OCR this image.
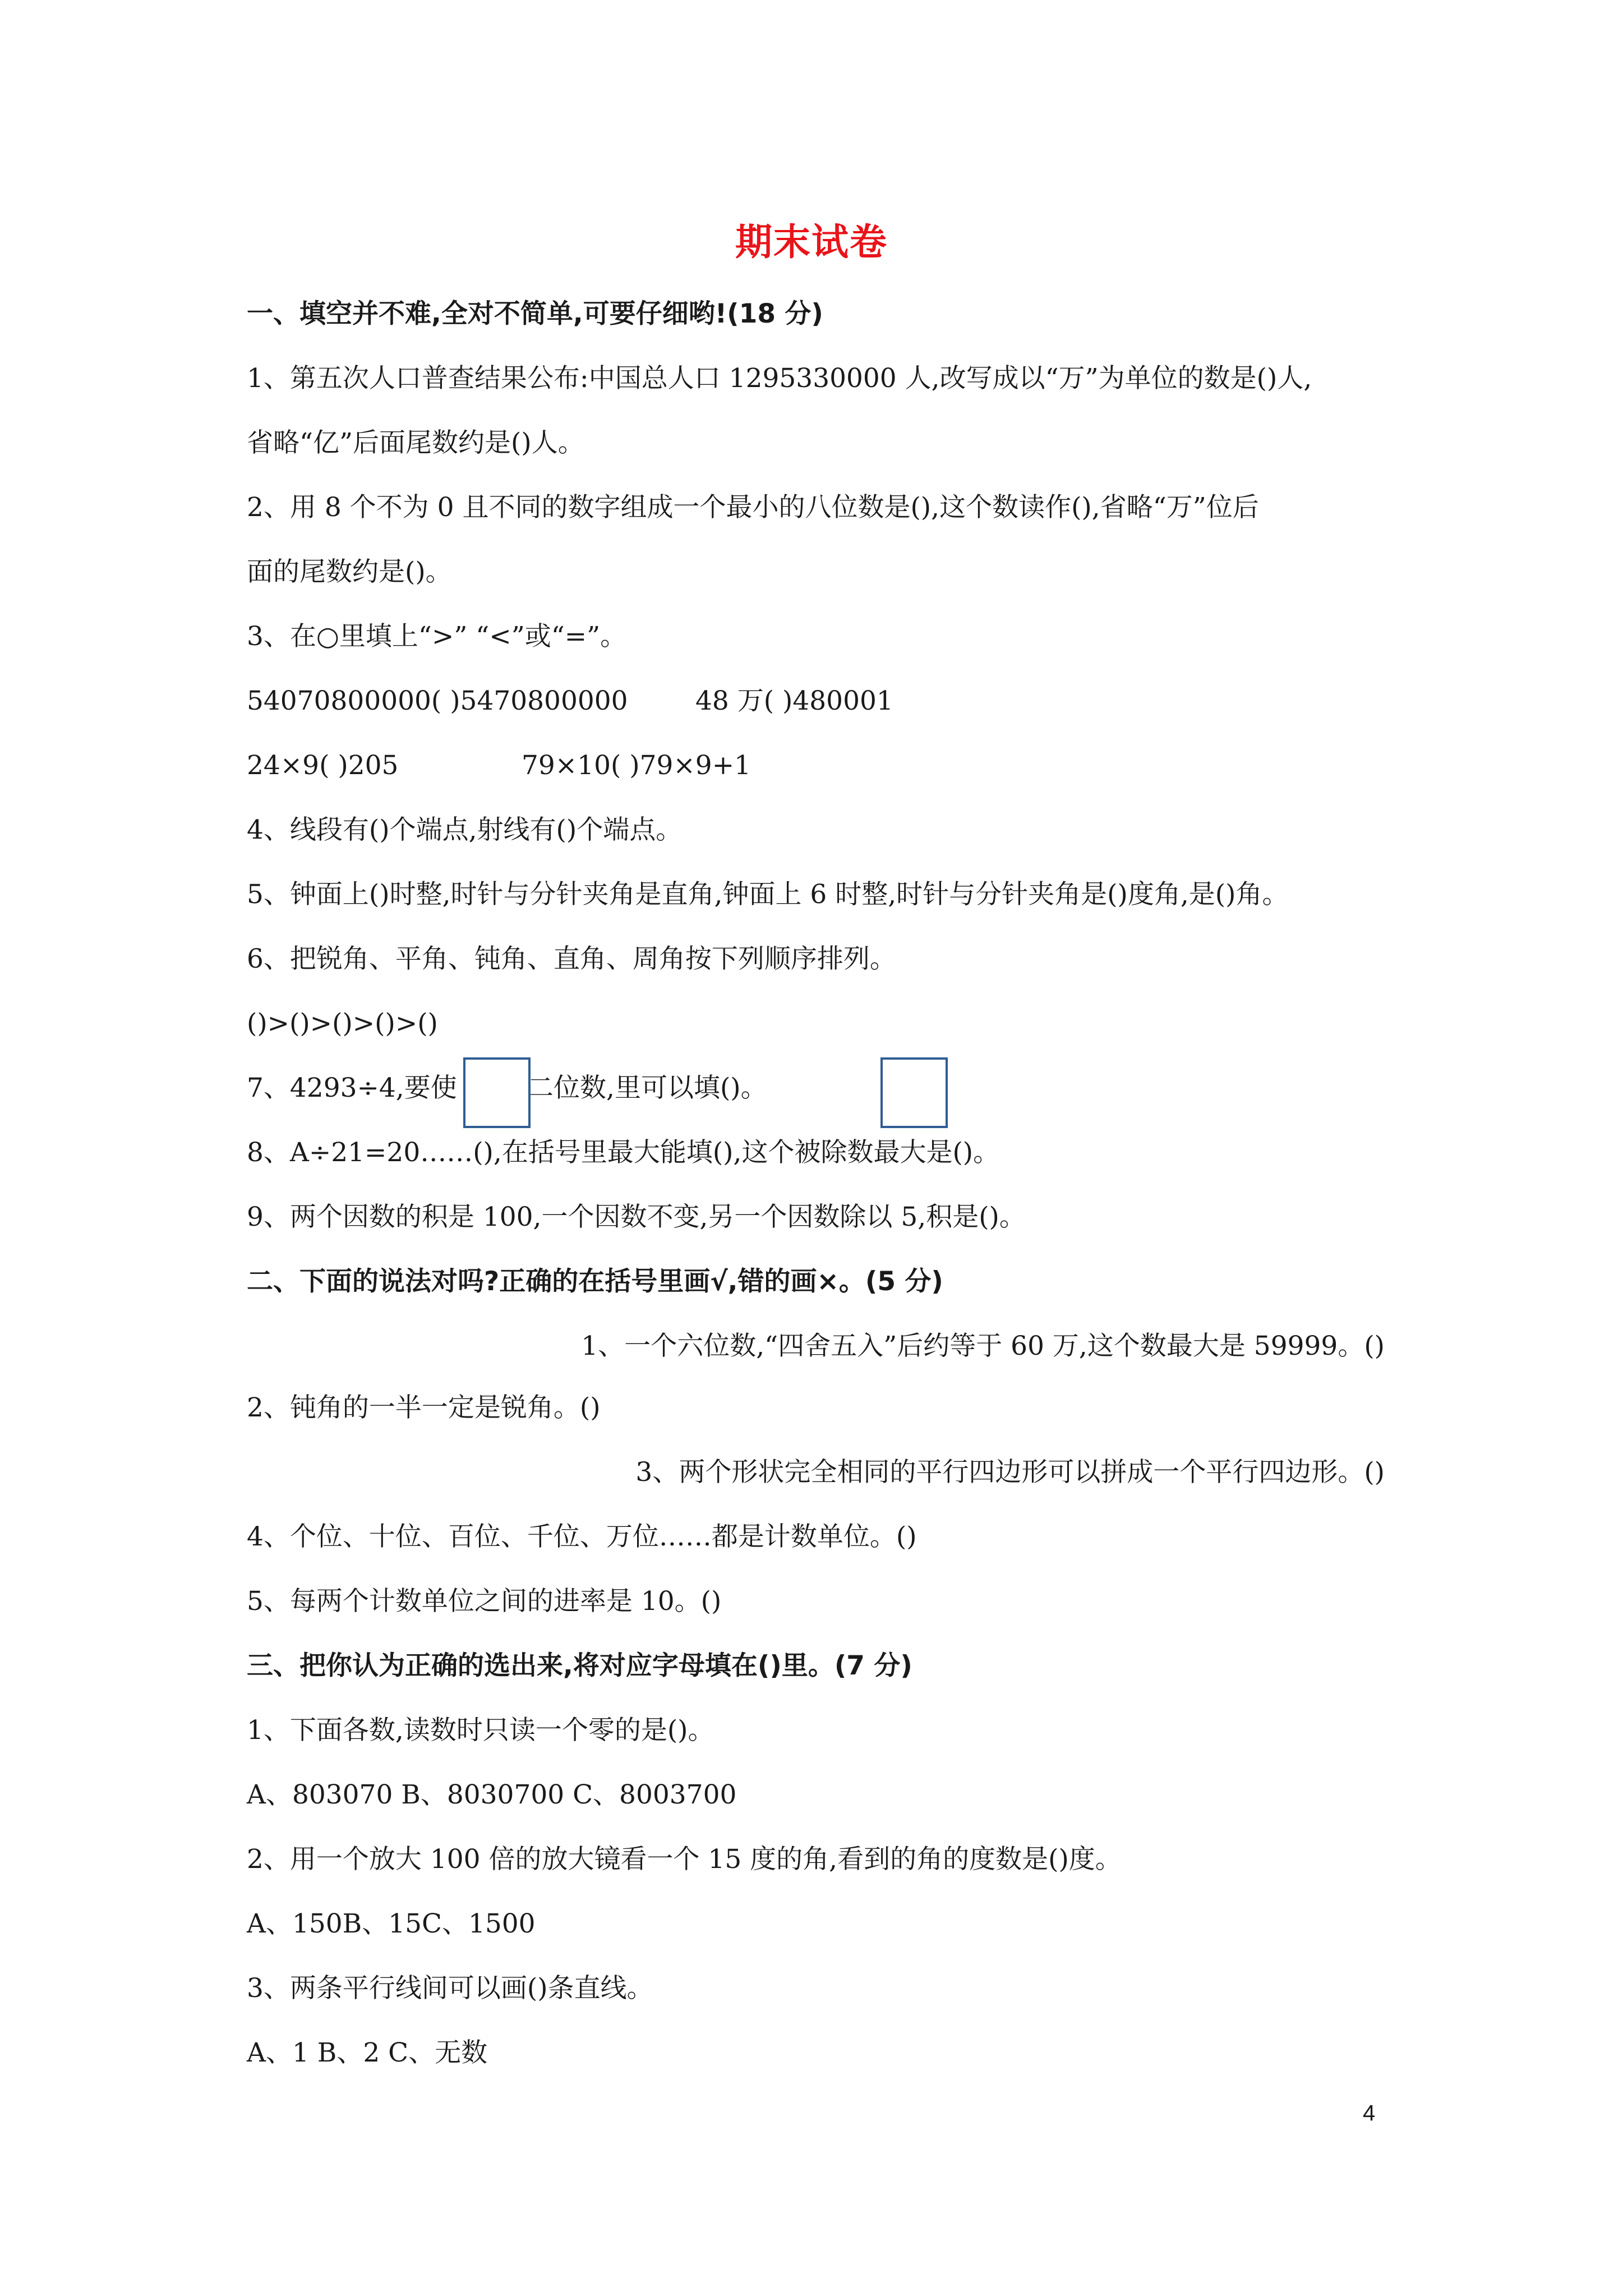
期末试卷
一、填空并不难,全对不简单,可要仔细哟!(18 分)
1、第五次人口普查结果公布:中国总人口 1295330000 人,改写成以“万”为单位的数是()人,
省略“亿”后面尾数约是()人。
2、用 8 个不为 0 且不同的数字组成一个最小的八位数是(),这个数读作(),省略“万”位后
面的尾数约是()。
3、在○里填上“>” “<”或“=”。
54070800000( )5470800000	48 万( )480001
24×9( )205	79×10( )79×9+1
4、线段有()个端点,射线有()个端点。
5、钟面上()时整,时针与分针夹角是直角,钟面上 6 时整,时针与分针夹角是()度角,是()角。
6、把锐角、平角、钝角、直角、周角按下列顺序排列。
()>()>()>()>()
7、4293÷4,要使	二位数,里可以填()。
8、A÷21=20……(),在括号里最大能填(),这个被除数最大是()。
9、两个因数的积是 100,一个因数不变,另一个因数除以 5,积是()。
二、下面的说法对吗?正确的在括号里画√,错的画×。(5 分)
1、一个六位数,“四舍五入”后约等于 60 万,这个数最大是 59999。()
2、钝角的一半一定是锐角。()
3、两个形状完全相同的平行四边形可以拼成一个平行四边形。()
4、个位、十位、百位、千位、万位……都是计数单位。()
5、每两个计数单位之间的进率是 10。()
三、把你认为正确的选出来,将对应字母填在()里。(7 分)
1、下面各数,读数时只读一个零的是()。
A、803070 B、8030700 C、8003700
2、用一个放大 100 倍的放大镜看一个 15 度的角,看到的角的度数是()度。
A、150B、15C、1500
3、两条平行线间可以画()条直线。
A、1 B、2 C、无数
4
